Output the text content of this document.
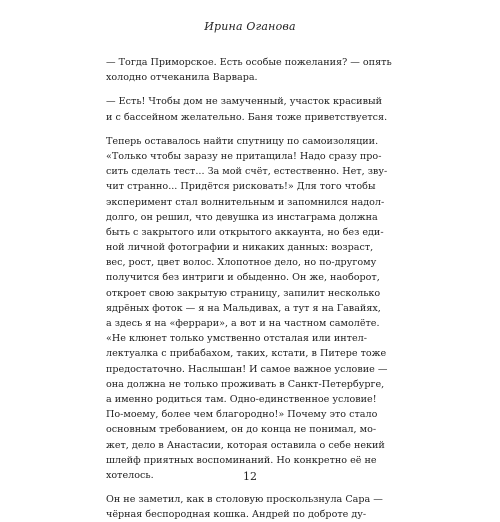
Ирина Оганова
— Тогда Приморское. Есть особые пожелания? — опять
холодно отчеканила Варвара.
— Есть! Чтобы дом не замученный, участок красивый
и с бассейном желательно. Баня тоже приветствуется.
Теперь оставалось найти спутницу по самоизоляции.
«Только чтобы заразу не притащила! Надо сразу про-
сить сделать тест... За мой счёт, естественно. Нет, зву-
чит странно... Придётся рисковать!» Для того чтобы
эксперимент стал волнительным и запомнился надол-
долго, он решил, что девушка из инстаграма должна
быть с закрытого или открытого аккаунта, но без еди-
ной личной фотографии и никаких данных: возраст,
вес, рост, цвет волос. Хлопотное дело, но по-другому
получится без интриги и обыденно. Он же, наоборот,
откроет свою закрытую страницу, запилит несколько
ядрёных фоток — я на Мальдивах, а тут я на Гавайях,
а здесь я на «феррари», а вот и на частном самолёте.
«Не клюнет только умственно отсталая или интел-
лектуалка с прибабахом, таких, кстати, в Питере тоже
предостаточно. Наслышан! И самое важное условие —
она должна не только проживать в Санкт-Петербурге,
а именно родиться там. Одно-единственное условие!
По-моему, более чем благородно!» Почему это стало
основным требованием, он до конца не понимал, мо-
жет, дело в Анастасии, которая оставила о себе некий
шлейф приятных воспоминаний. Но конкретно её не
хотелось.
Он не заметил, как в столовую проскользнула Сара —
чёрная беспородная кошка. Андрей по доброте ду-
12
